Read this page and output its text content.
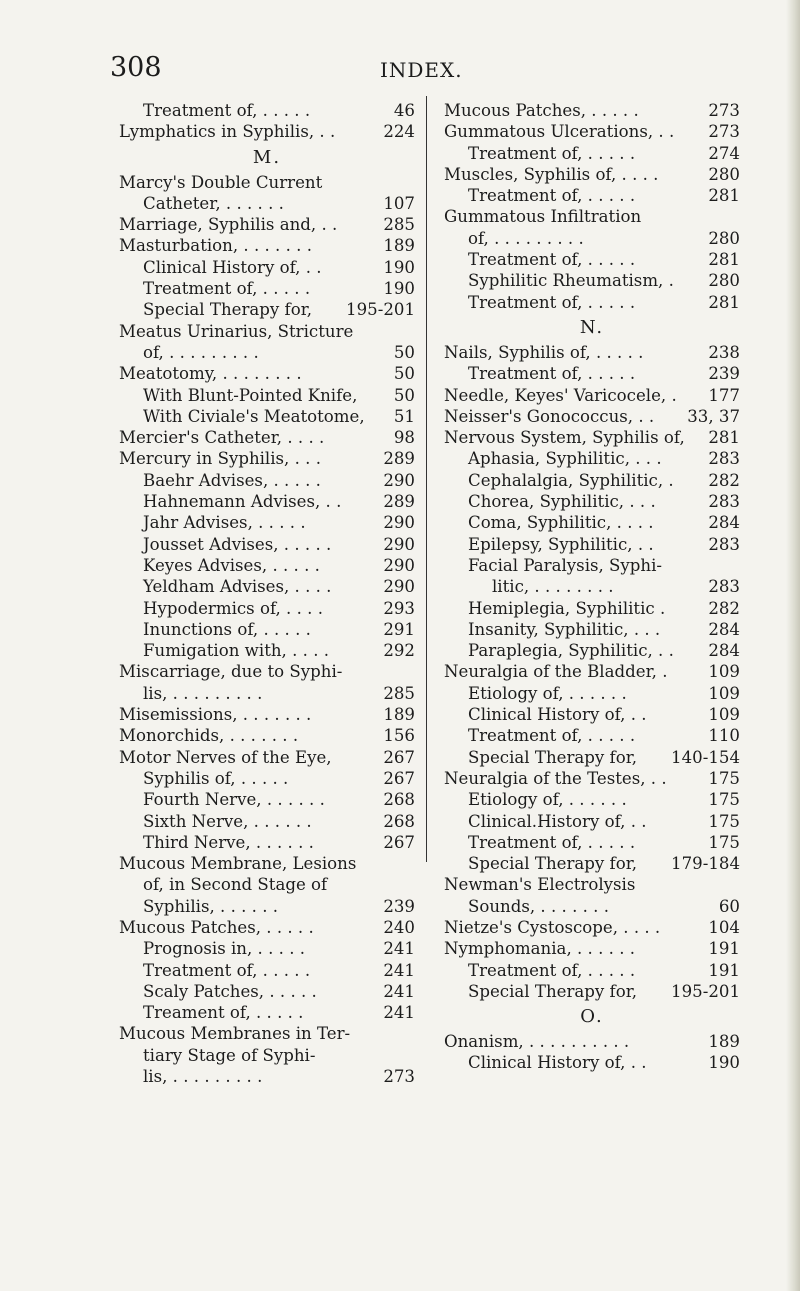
308	INDEX.
Treatment of, . . . . .	46
Lymphatics in Syphilis, . .	224
M.
Marcy's Double Current
Catheter, . . . . . .	107
Marriage, Syphilis and, . .	285
Masturbation, . . . . . . .	189
Clinical History of, . .	190
Treatment of, . . . . .	190
Special Therapy for, 195-201
Meatus Urinarius, Stricture
of, . . . . . . . . .	50
Meatotomy, . . . . . . . .	50
With Blunt-Pointed Knife, 50
With Civiale's Meatotome, 51
Mercier's Catheter, . . . .	98
Mercury in Syphilis, . . .	289
Baehr Advises, . . . . .	290
Hahnemann Advises, . .	289
Jahr Advises, . . . . .	290
Jousset Advises, . . . . .	290
Keyes Advises, . . . . .	290
Yeldham Advises, . . . .	290
Hypodermics of, . . . .	293
Inunctions of, . . . . .	291
Fumigation with, . . . .	292
Miscarriage, due to Syphi-
lis, . . . . . . . . .	285
Misemissions, . . . . . . .	189
Monorchids, . . . . . . .	156
Motor Nerves of the Eye,	267
Syphilis of, . . . . .	267
Fourth Nerve, . . . . . .	268
Sixth Nerve, . . . . . .	268
Third Nerve, . . . . . .	267
Mucous Membrane, Lesions
of, in Second Stage of
Syphilis, . . . . . .	239
Mucous Patches, . . . . .	240
Prognosis in, . . . . .	241
Treatment of, . . . . .	241
Scaly Patches, . . . . .	241
Treament of, . . . . .	241
Mucous Membranes in Ter-
tiary Stage of Syphi-
lis, . . . . . . . . .	273
Mucous Patches, . . . . .	273
Gummatous Ulcerations, . . 273
Treatment of, . . . . .	274
Muscles, Syphilis of, . . . .	280
Treatment of, . . . . .	281
Gummatous Infiltration
of, . . . . . . . . .	280
Treatment of, . . . . .	281
Syphilitic Rheumatism, . 280
Treatment of, . . . . .	281
N.
Nails, Syphilis of, . . . . .	238
Treatment of, . . . . .	239
Needle, Keyes' Varicocele, . 177
Neisser's Gonococcus, . . 33, 37
Nervous System, Syphilis of, 281
Aphasia, Syphilitic, . . .	283
Cephalalgia, Syphilitic, . 282
Chorea, Syphilitic, . . .	283
Coma, Syphilitic, . . . .	284
Epilepsy, Syphilitic, . .	283
Facial Paralysis, Syphi-
litic, . . . . . . . .	283
Hemiplegia, Syphilitic .	282
Insanity, Syphilitic, . . .	284
Paraplegia, Syphilitic, . . 284
Neuralgia of the Bladder, . 109
Etiology of, . . . . . .	109
Clinical History of, . .	109
Treatment of, . . . . .	110
Special Therapy for, 140-154
Neuralgia of the Testes, . .	175
Etiology of, . . . . . .	175
Clinical.History of, . .	175
Treatment of, . . . . .	175
Special Therapy for, 179-184
Newman's Electrolysis
Sounds, . . . . . . .	60
Nietze's Cystoscope, . . . .	104
Nymphomania, . . . . . .	191
Treatment of, . . . . .	191
Special Therapy for, 195-201
O.
Onanism, . . . . . . . . . .	189
Clinical History of, . .	190
